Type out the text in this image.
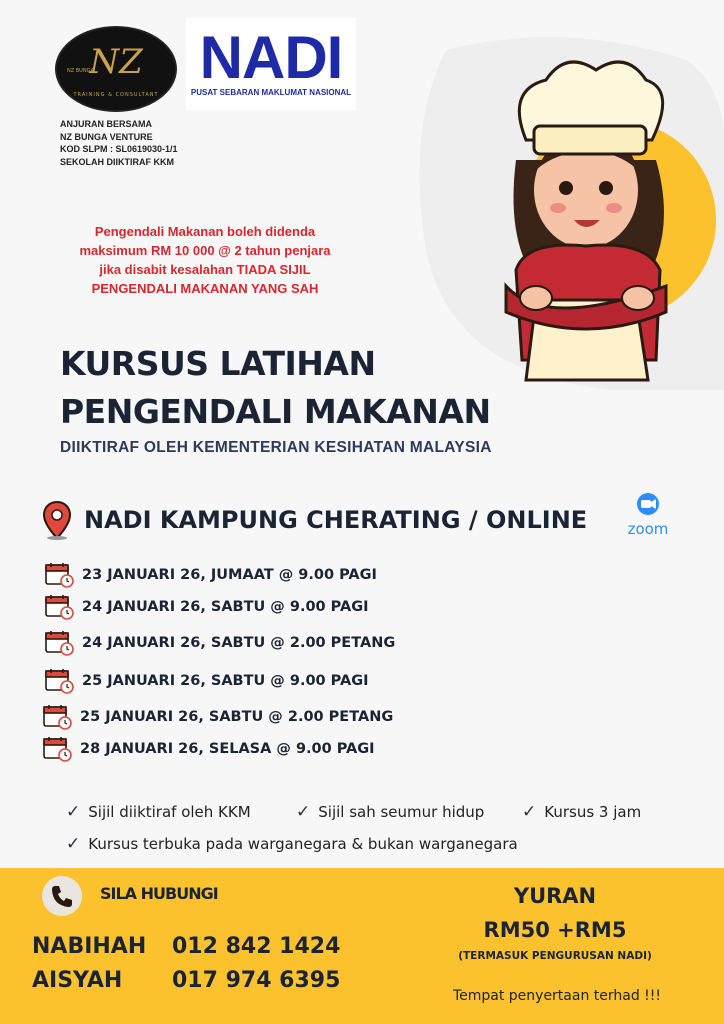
NZ
NZ BUNGA
TRAINING & CONSULTANT
NADI
PUSAT SEBARAN MAKLUMAT NASIONAL
ANJURAN BERSAMA
NZ BUNGA VENTURE
KOD SLPM : SL0619030-1/1
SEKOLAH DIIKTIRAF KKM
Pengendali Makanan boleh didenda
maksimum RM 10 000 @ 2 tahun penjara
jika disabit kesalahan TIADA SIJIL
PENGENDALI MAKANAN YANG SAH
KURSUS LATIHAN
PENGENDALI MAKANAN
DIIKTIRAF OLEH KEMENTERIAN KESIHATAN MALAYSIA
NADI KAMPUNG CHERATING / ONLINE	zoom
23 JANUARI 26, JUMAAT @ 9.00 PAGI
24 JANUARI 26, SABTU @ 9.00 PAGI
24 JANUARI 26, SABTU @ 2.00 PETANG
25 JANUARI 26, SABTU @ 9.00 PAGI
25 JANUARI 26, SABTU @ 2.00 PETANG
28 JANUARI 26, SELASA @ 9.00 PAGI
✓ Sijil diiktiraf oleh KKM	✓ Sijil sah seumur hidup ✓ Kursus 3 jam
✓ Kursus terbuka pada warganegara & bukan warganegara
SILA HUBUNGI
NABIHAH 012 842 1424
AISYAH 017 974 6395
YURAN
RM50 +RM5
(TERMASUK PENGURUSAN NADI)
Tempat penyertaan terhad !!!
